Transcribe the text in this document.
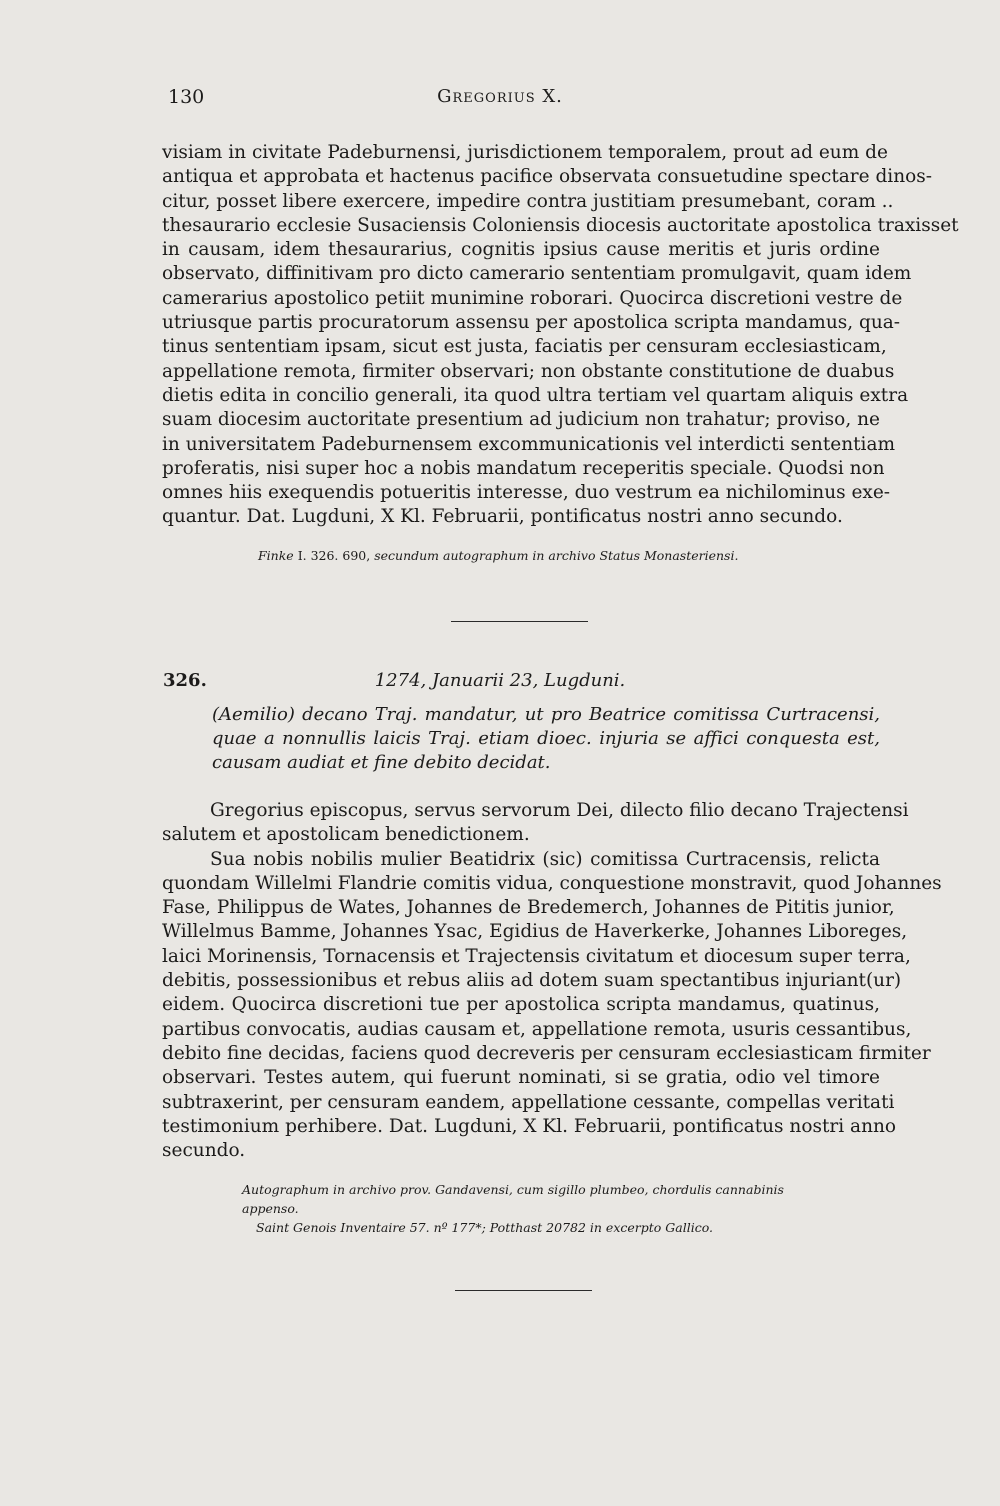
130	Gregorius X.
visiam in civitate Padeburnensi, jurisdictionem temporalem, prout ad eum de
antiqua et approbata et hactenus pacifice observata consuetudine spectare dinos-
citur, posset libere exercere, impedire contra justitiam presumebant, coram ..
thesaurario ecclesie Susaciensis Coloniensis diocesis auctoritate apostolica traxisset
in causam, idem thesaurarius, cognitis ipsius cause meritis et juris ordine
observato, diffinitivam pro dicto camerario sententiam promulgavit, quam idem
camerarius apostolico petiit munimine roborari. Quocirca discretioni vestre de
utriusque partis procuratorum assensu per apostolica scripta mandamus, qua-
tinus sententiam ipsam, sicut est justa, faciatis per censuram ecclesiasticam,
appellatione remota, firmiter observari; non obstante constitutione de duabus
dietis edita in concilio generali, ita quod ultra tertiam vel quartam aliquis extra
suam diocesim auctoritate presentium ad judicium non trahatur; proviso, ne
in universitatem Padeburnensem excommunicationis vel interdicti sententiam
proferatis, nisi super hoc a nobis mandatum receperitis speciale. Quodsi non
omnes hiis exequendis potueritis interesse, duo vestrum ea nichilominus exe-
quantur. Dat. Lugduni, X Kl. Februarii, pontificatus nostri anno secundo.
Finke I. 326. 690, secundum autographum in archivo Status Monasteriensi.
326.	1274, Januarii 23, Lugduni.
(Aemilio) decano Traj. mandatur, ut pro Beatrice comitissa Curtracensi,
quae a nonnullis laicis Traj. etiam dioec. injuria se affici conquesta est,
causam audiat et fine debito decidat.
Gregorius episcopus, servus servorum Dei, dilecto filio decano Trajectensi
salutem et apostolicam benedictionem.
Sua nobis nobilis mulier Beatidrix (sic) comitissa Curtracensis, relicta
quondam Willelmi Flandrie comitis vidua, conquestione monstravit, quod Johannes
Fase, Philippus de Wates, Johannes de Bredemerch, Johannes de Pititis junior,
Willelmus Bamme, Johannes Ysac, Egidius de Haverkerke, Johannes Liboreges,
laici Morinensis, Tornacensis et Trajectensis civitatum et diocesum super terra,
debitis, possessionibus et rebus aliis ad dotem suam spectantibus injuriant(ur)
eidem. Quocirca discretioni tue per apostolica scripta mandamus, quatinus,
partibus convocatis, audias causam et, appellatione remota, usuris cessantibus,
debito fine decidas, faciens quod decreveris per censuram ecclesiasticam firmiter
observari. Testes autem, qui fuerunt nominati, si se gratia, odio vel timore
subtraxerint, per censuram eandem, appellatione cessante, compellas veritati
testimonium perhibere. Dat. Lugduni, X Kl. Februarii, pontificatus nostri anno
secundo.
Autographum in archivo prov. Gandavensi, cum sigillo plumbeo, chordulis cannabinis
appenso.
Saint Genois Inventaire 57. nº 177*; Potthast 20782 in excerpto Gallico.
